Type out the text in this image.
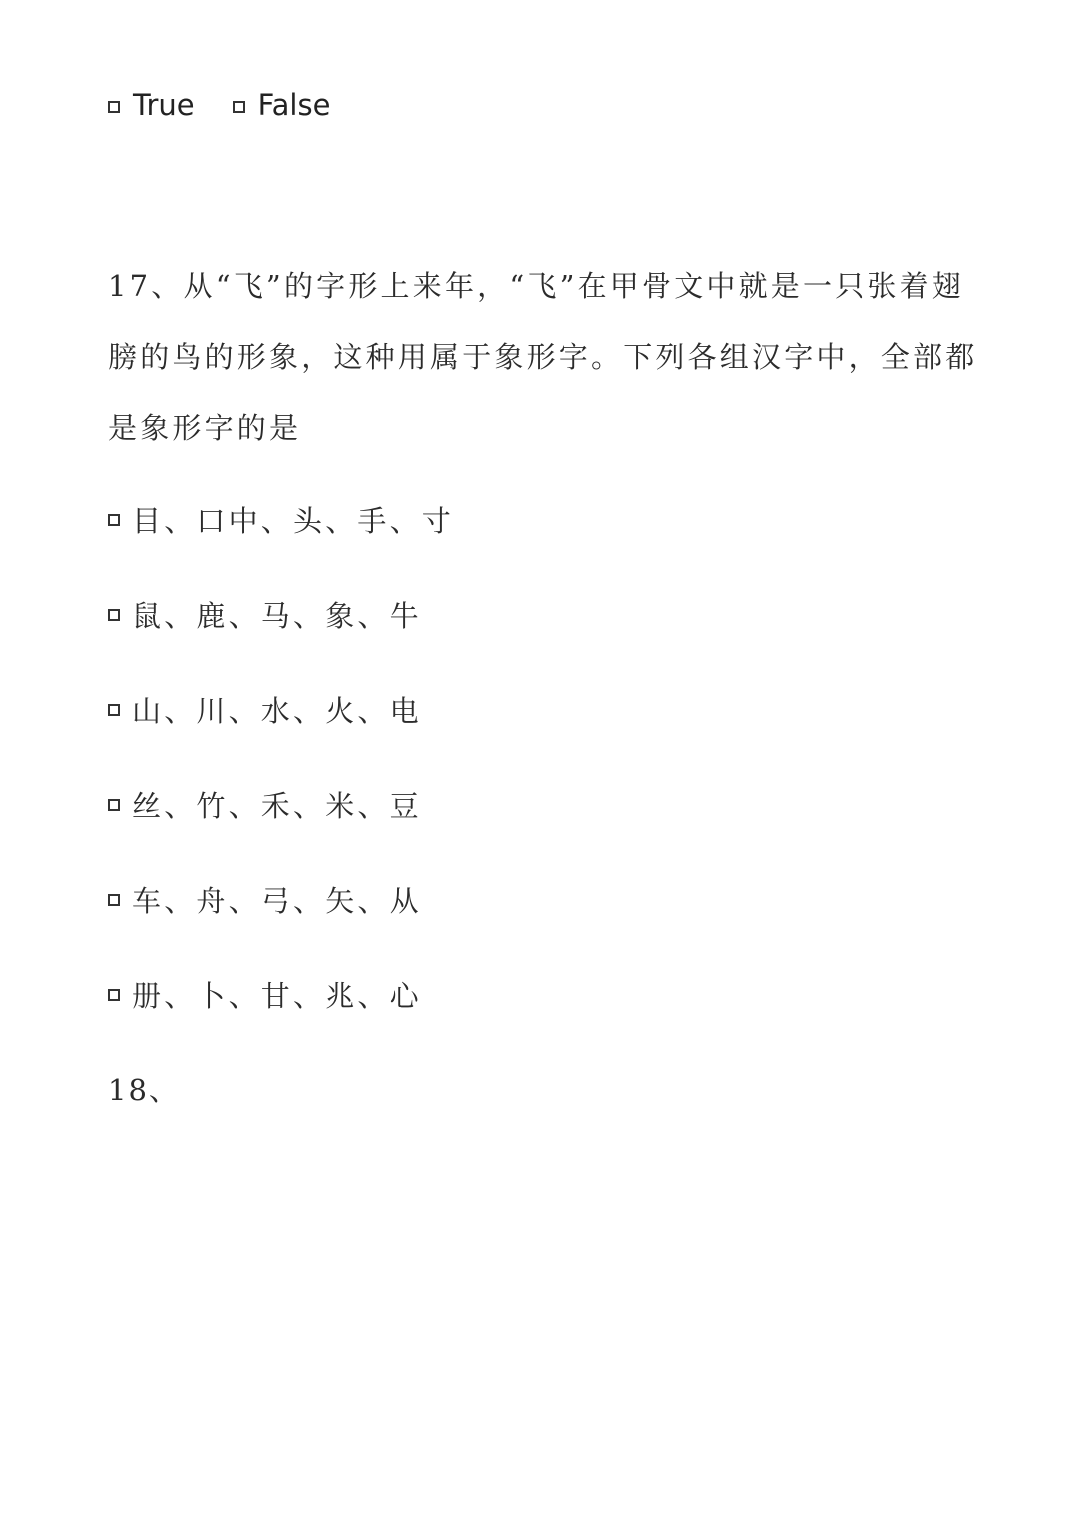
True False

17、从“飞”的字形上来年，“飞”在甲骨文中就是一只张着翅膀的鸟的形象，这种用属于象形字。下列各组汉字中，全部都是象形字的是

目、口中、头、手、寸
鼠、鹿、马、象、牛
山、川、水、火、电
丝、竹、禾、米、豆
车、舟、弓、矢、从
册、卜、甘、兆、心
18、
